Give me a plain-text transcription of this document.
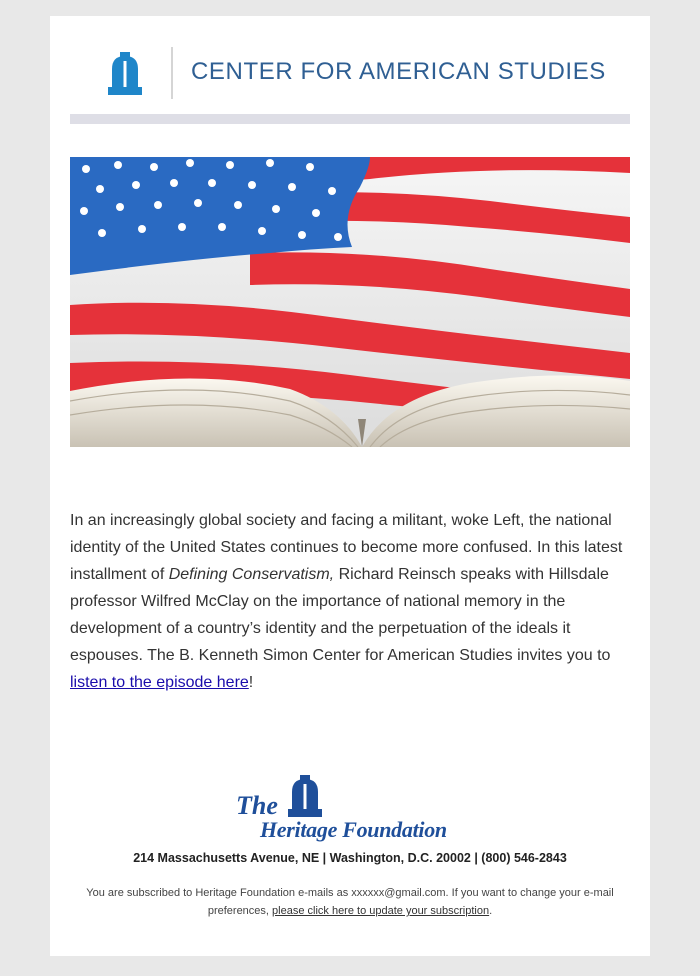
CENTER FOR AMERICAN STUDIES

In an increasingly global society and facing a militant, woke Left, the national identity of the United States continues to become more confused. In this latest installment of Defining Conservatism, Richard Reinsch speaks with Hillsdale professor Wilfred McClay on the importance of national memory in the development of a country’s identity and the perpetuation of the ideals it espouses. The B. Kenneth Simon Center for American Studies invites you to listen to the episode here!

The
Heritage Foundation
214 Massachusetts Avenue, NE | Washington, D.C. 20002 | (800) 546-2843

You are subscribed to Heritage Foundation e-mails as xxxxxx@gmail.com. If you want to change your e-mail preferences, please click here to update your subscription.
